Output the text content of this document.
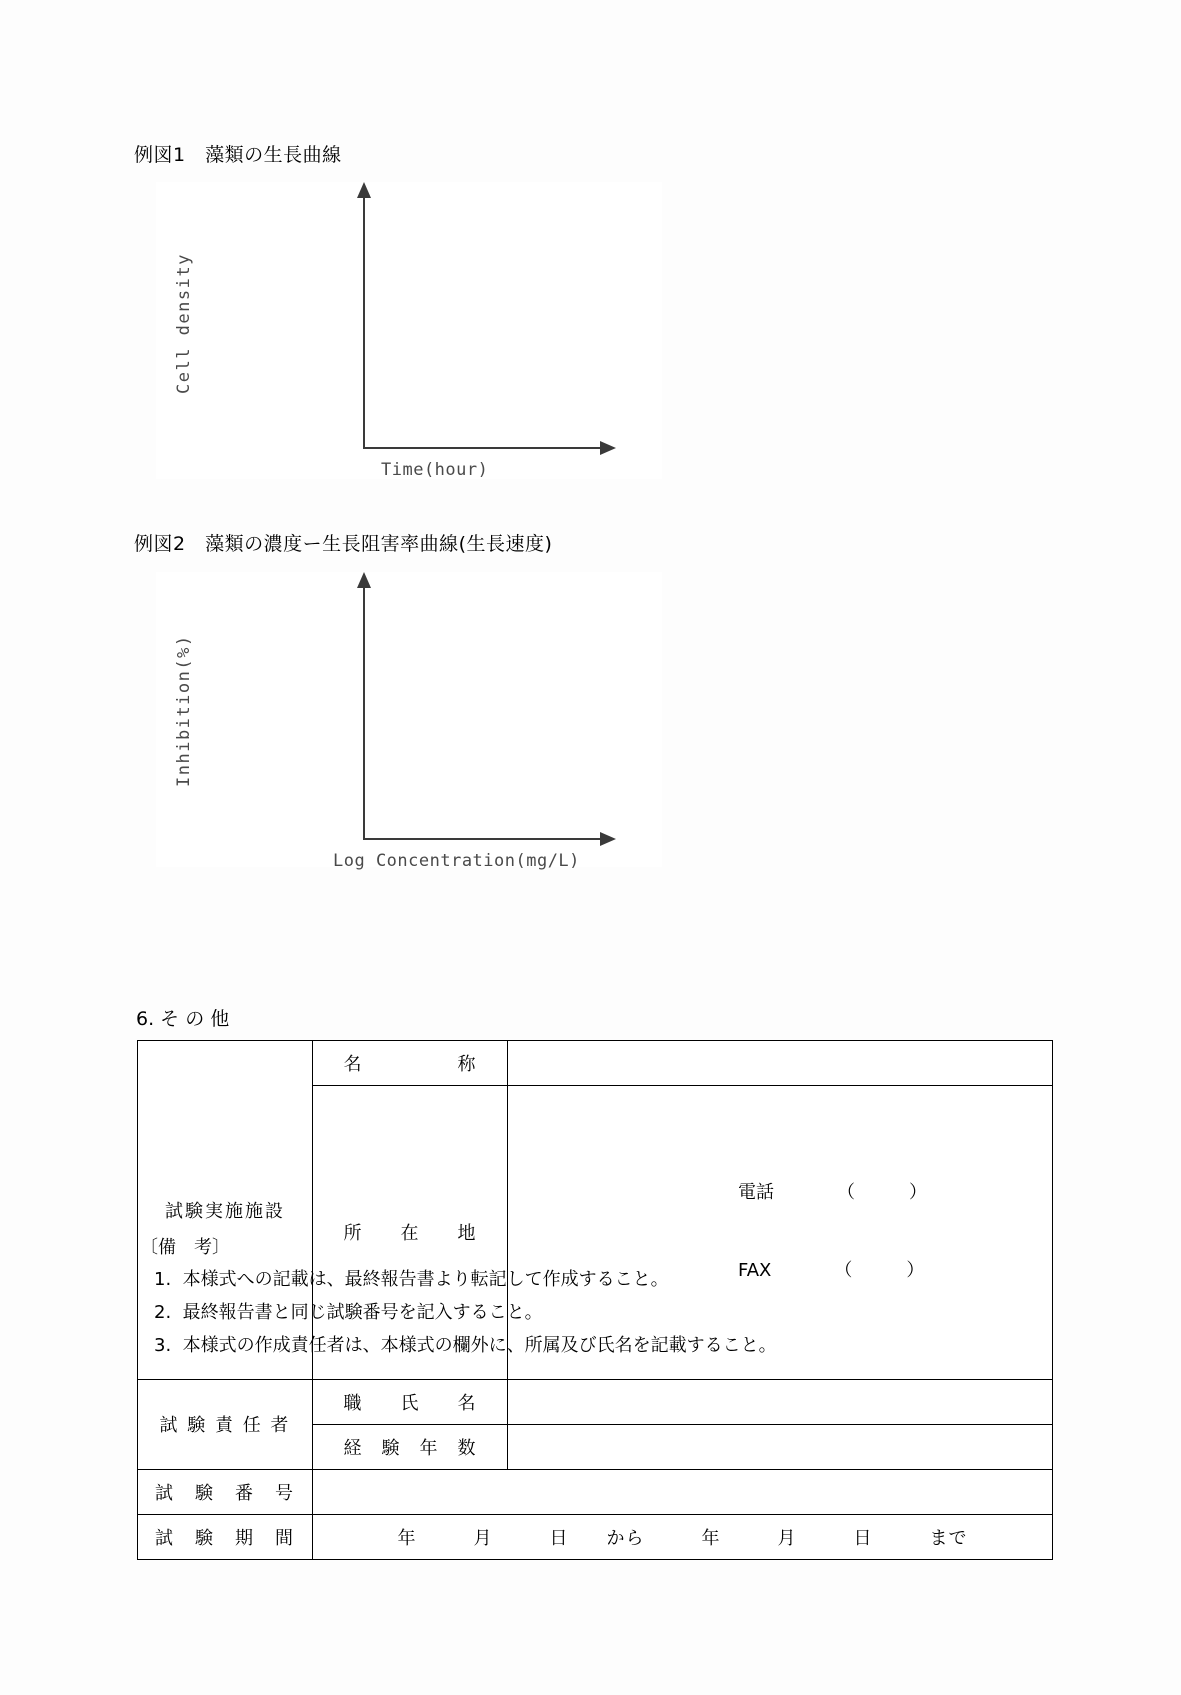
例図1　藻類の生長曲線
Cell density
Time(hour)
例図2　藻類の濃度ー生長阻害率曲線(生長速度)
Inhibition(%)
Log Concentration(mg/L)
6. そ の 他
試験実施施設	名　　　　　称	
	所　　在　　地	電話　　　　（　　　）

FAX　　　　（　　　）

試 験 責 任 者	職　　氏　　名	
	経　験　年　数	
試　験　番　号		
試　験　期　間	年　　　月　　　日　　から　　　年　　　月　　　日　　　まで	
〔備　考〕
1.  本様式への記載は、最終報告書より転記して作成すること。
2.  最終報告書と同じ試験番号を記入すること。
3.  本様式の作成責任者は、本様式の欄外に、所属及び氏名を記載すること。
